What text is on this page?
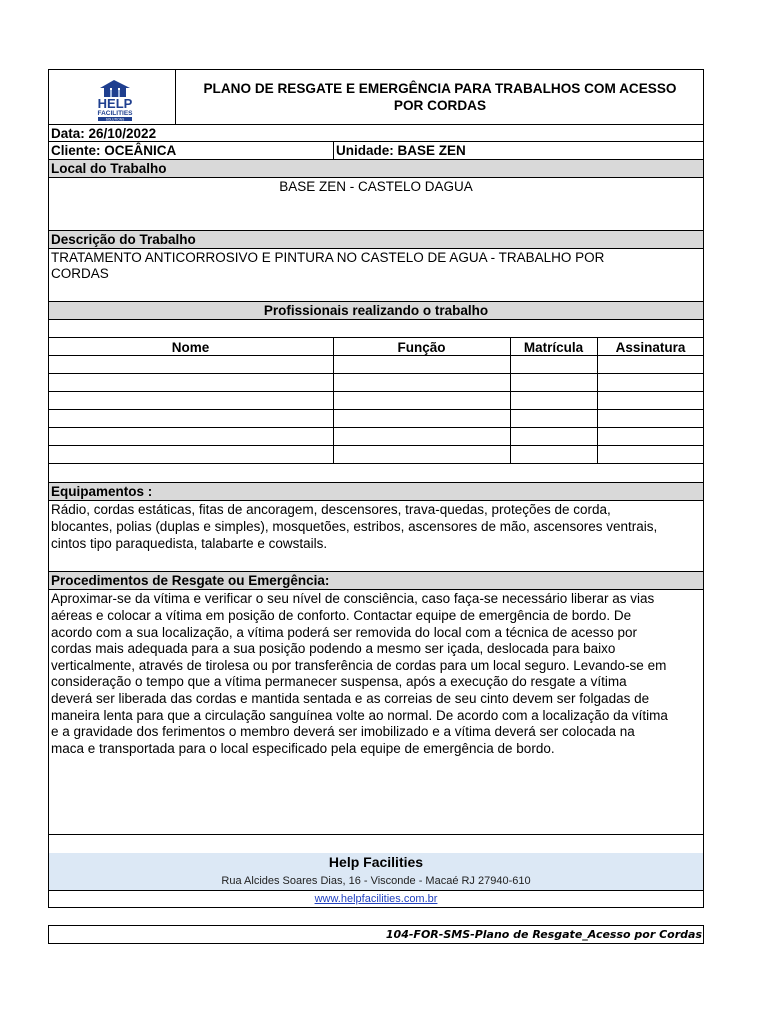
HELP
FACILITIES
SOLUTIONS
PLANO DE RESGATE E EMERGÊNCIA PARA TRABALHOS COM ACESSO
POR CORDAS
Data: 26/10/2022
Cliente: OCEÂNICA	Unidade: BASE ZEN
Local do Trabalho
BASE ZEN - CASTELO DAGUA
Descrição do Trabalho
TRATAMENTO ANTICORROSIVO E PINTURA NO CASTELO DE AGUA - TRABALHO POR
CORDAS
Profissionais realizando o trabalho
Nome	Função	Matrícula	Assinatura
Equipamentos :
Rádio, cordas estáticas, fitas de ancoragem, descensores, trava-quedas, proteções de corda,
blocantes, polias (duplas e simples), mosquetões, estribos, ascensores de mão, ascensores ventrais,
cintos tipo paraquedista, talabarte e cowstails.
Procedimentos de Resgate ou Emergência:
Aproximar-se da vítima e verificar o seu nível de consciência, caso faça-se necessário liberar as vias
aéreas e colocar a vítima em posição de conforto. Contactar equipe de emergência de bordo. De
acordo com a sua localização, a vítima poderá ser removida do local com a técnica de acesso por
cordas mais adequada para a sua posição podendo a mesmo ser içada, deslocada para baixo
verticalmente, através de tirolesa ou por transferência de cordas para um local seguro. Levando-se em
consideração o tempo que a vítima permanecer suspensa, após a execução do resgate a vítima
deverá ser liberada das cordas e mantida sentada e as correias de seu cinto devem ser folgadas de
maneira lenta para que a circulação sanguínea volte ao normal. De acordo com a localização da vítima
e a gravidade dos ferimentos o membro deverá ser imobilizado e a vítima deverá ser colocada na
maca e transportada para o local especificado pela equipe de emergência de bordo.
Help Facilities
Rua Alcides Soares Dias, 16 - Visconde - Macaé RJ 27940-610
www.helpfacilities.com.br
104-FOR-SMS-Plano de Resgate_Acesso por Cordas
